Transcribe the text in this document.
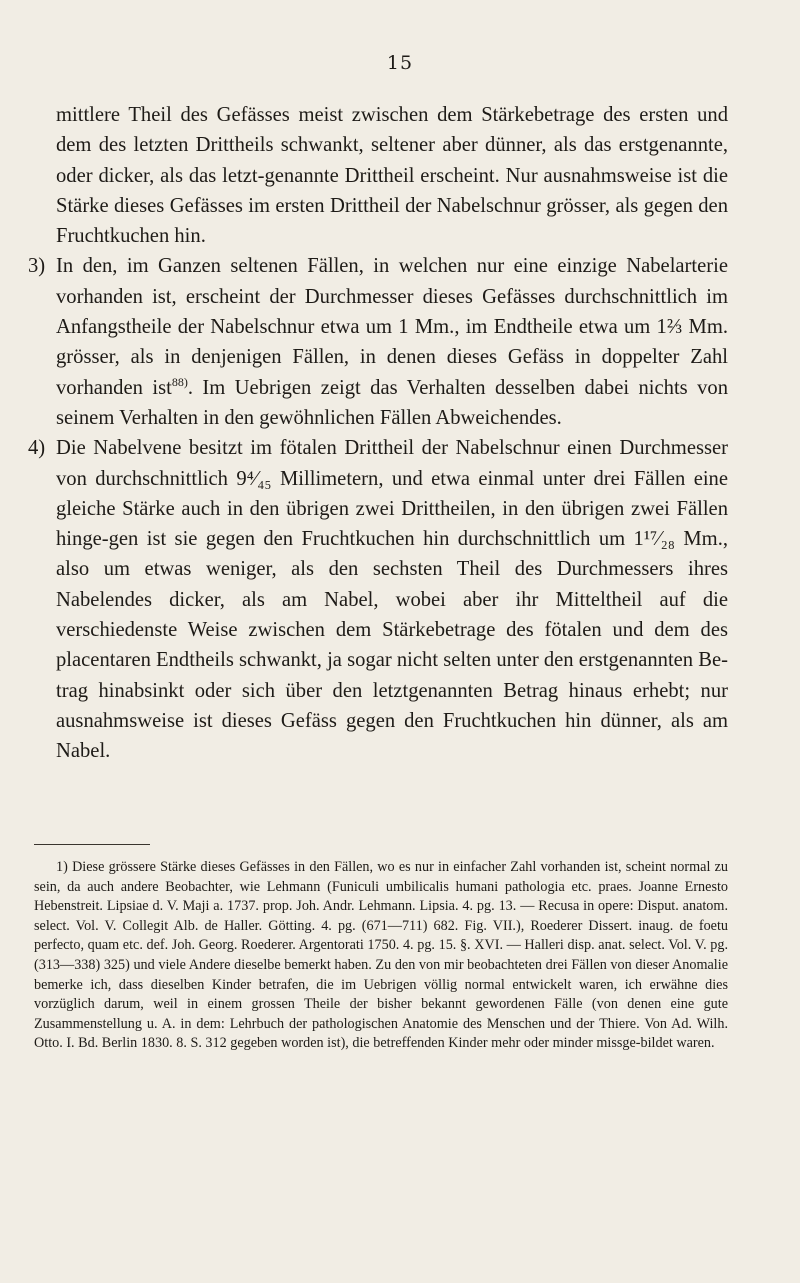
15

mittlere Theil des Gefässes meist zwischen dem Stärkebetrage des ersten und dem des letzten Drittheils schwankt, seltener aber dünner, als das erstgenannte, oder dicker, als das letzt-genannte Drittheil erscheint. Nur ausnahmsweise ist die Stärke dieses Gefässes im ersten Drittheil der Nabelschnur grösser, als gegen den Fruchtkuchen hin.

3) In den, im Ganzen seltenen Fällen, in welchen nur eine einzige Nabelarterie vorhanden ist, erscheint der Durchmesser dieses Gefässes durchschnittlich im Anfangstheile der Nabelschnur etwa um 1 Mm., im Endtheile etwa um 1⅔ Mm. grösser, als in denjenigen Fällen, in denen dieses Gefäss in doppelter Zahl vorhanden ist$^{88)}$. Im Uebrigen zeigt das Verhalten desselben dabei nichts von seinem Verhalten in den gewöhnlichen Fällen Abweichendes.

4) Die Nabelvene besitzt im fötalen Drittheil der Nabelschnur einen Durchmesser von durchschnittlich 9⁴⁄₄₅ Millimetern, und etwa einmal unter drei Fällen eine gleiche Stärke auch in den übrigen zwei Drittheilen, in den übrigen zwei Fällen hinge-gen ist sie gegen den Fruchtkuchen hin durchschnittlich um 1¹⁷⁄₂₈ Mm., also um etwas weniger, als den sechsten Theil des Durchmessers ihres Nabelendes dicker, als am Nabel, wobei aber ihr Mitteltheil auf die verschiedenste Weise zwischen dem Stärkebetrage des fötalen und dem des placentaren Endtheils schwankt, ja sogar nicht selten unter den erstgenannten Be-trag hinabsinkt oder sich über den letztgenannten Betrag hinaus erhebt; nur ausnahmsweise ist dieses Gefäss gegen den Fruchtkuchen hin dünner, als am Nabel.

1) Diese grössere Stärke dieses Gefässes in den Fällen, wo es nur in einfacher Zahl vorhanden ist, scheint normal zu sein, da auch andere Beobachter, wie Lehmann (Funiculi umbilicalis humani pathologia etc. praes. Joanne Ernesto Hebenstreit. Lipsiae d. V. Maji a. 1737. prop. Joh. Andr. Lehmann. Lipsia. 4. pg. 13. — Recusa in opere: Disput. anatom. select. Vol. V. Collegit Alb. de Haller. Götting. 4. pg. (671—711) 682. Fig. VII.), Roederer Dissert. inaug. de foetu perfecto, quam etc. def. Joh. Georg. Roederer. Argentorati 1750. 4. pg. 15. §. XVI. — Halleri disp. anat. select. Vol. V. pg. (313—338) 325) und viele Andere dieselbe bemerkt haben. Zu den von mir beobachteten drei Fällen von dieser Anomalie bemerke ich, dass dieselben Kinder betrafen, die im Uebrigen völlig normal entwickelt waren, ich erwähne dies vorzüglich darum, weil in einem grossen Theile der bisher bekannt gewordenen Fälle (von denen eine gute Zusammenstellung u. A. in dem: Lehrbuch der pathologischen Anatomie des Menschen und der Thiere. Von Ad. Wilh. Otto. I. Bd. Berlin 1830. 8. S. 312 gegeben worden ist), die betreffenden Kinder mehr oder minder missge-bildet waren.
